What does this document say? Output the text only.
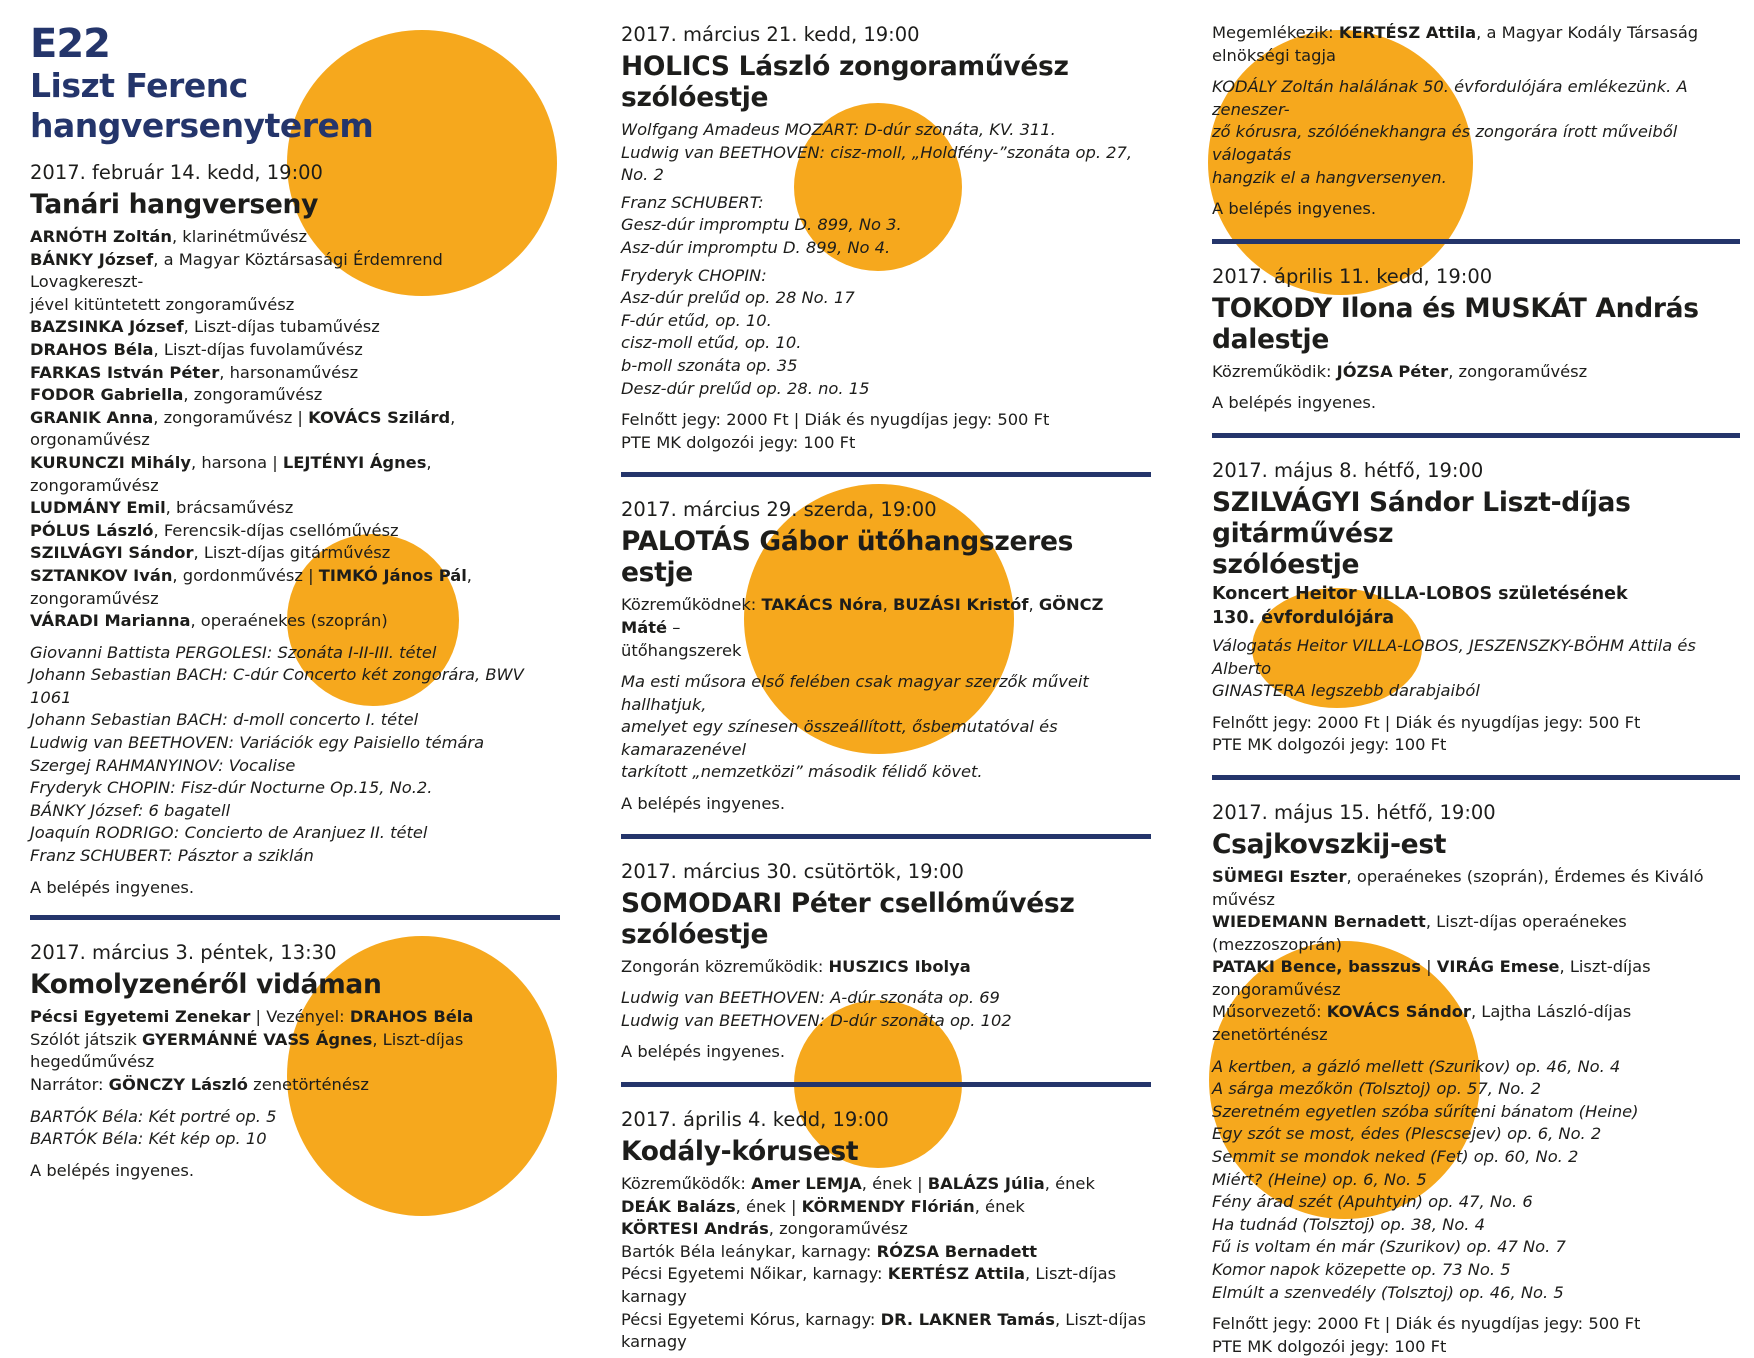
E22
Liszt Ferenc hangversenyterem
2017. február 14. kedd, 19:00
Tanári hangverseny
ARNÓTH Zoltán, klarinétművész
BÁNKY József, a Magyar Köztársasági Érdemrend Lovagkereszt-
jével kitüntetett zongoraművész
BAZSINKA József, Liszt-díjas tubaművész
DRAHOS Béla, Liszt-díjas fuvolaművész
FARKAS István Péter, harsonaművész
FODOR Gabriella, zongoraművész
GRANIK Anna, zongoraművész | KOVÁCS Szilárd, orgonaművész
KURUNCZI Mihály, harsona | LEJTÉNYI Ágnes, zongoraművész
LUDMÁNY Emil, brácsaművész
PÓLUS László, Ferencsik-díjas csellóművész
SZILVÁGYI Sándor, Liszt-díjas gitárművész
SZTANKOV Iván, gordonművész | TIMKÓ János Pál, zongoraművész
VÁRADI Marianna, operaénekes (szoprán)
Giovanni Battista PERGOLESI: Szonáta I-II-III. tétel
Johann Sebastian BACH: C-dúr Concerto két zongorára, BWV 1061
Johann Sebastian BACH: d-moll concerto I. tétel
Ludwig van BEETHOVEN: Variációk egy Paisiello témára
Szergej RAHMANYINOV: Vocalise
Fryderyk CHOPIN: Fisz-dúr Nocturne Op.15, No.2.
BÁNKY József: 6 bagatell
Joaquín RODRIGO: Concierto de Aranjuez II. tétel
Franz SCHUBERT: Pásztor a sziklán
A belépés ingyenes.
2017. március 3. péntek, 13:30
Komolyzenéről vidáman
Pécsi Egyetemi Zenekar | Vezényel: DRAHOS Béla
Szólót játszik GYERMÁNNÉ VASS Ágnes, Liszt-díjas hegedűművész
Narrátor: GÖNCZY László zenetörténész
BARTÓK Béla: Két portré op. 5
BARTÓK Béla: Két kép op. 10
A belépés ingyenes.
2017. március 21. kedd, 19:00
HOLICS László zongoraművész szólóestje
Wolfgang Amadeus MOZART: D-dúr szonáta, KV. 311.
Ludwig van BEETHOVEN: cisz-moll, „Holdfény-”szonáta op. 27, No. 2
Franz SCHUBERT:
Gesz-dúr impromptu D. 899, No 3.
Asz-dúr impromptu D. 899, No 4.
Fryderyk CHOPIN:
Asz-dúr prelűd op. 28 No. 17
F-dúr etűd, op. 10.
cisz-moll etűd, op. 10.
b-moll szonáta op. 35
Desz-dúr prelűd op. 28. no. 15
Felnőtt jegy: 2000 Ft | Diák és nyugdíjas jegy: 500 Ft
PTE MK dolgozói jegy: 100 Ft
2017. március 29. szerda, 19:00
PALOTÁS Gábor ütőhangszeres estje
Közreműködnek: TAKÁCS Nóra, BUZÁSI Kristóf, GÖNCZ Máté –
ütőhangszerek
Ma esti műsora első felében csak magyar szerzők műveit hallhatjuk,
amelyet egy színesen összeállított, ősbemutatóval és kamarazenével
tarkított „nemzetközi” második félidő követ.
A belépés ingyenes.
2017. március 30. csütörtök, 19:00
SOMODARI Péter csellóművész szólóestje
Zongorán közreműködik: HUSZICS Ibolya
Ludwig van BEETHOVEN: A-dúr szonáta op. 69
Ludwig van BEETHOVEN: D-dúr szonáta op. 102
A belépés ingyenes.
2017. április 4. kedd, 19:00
Kodály-kórusest
Közreműködők: Amer LEMJA, ének | BALÁZS Júlia, ének
DEÁK Balázs, ének | KÖRMENDY Flórián, ének
KÖRTESI András, zongoraművész
Bartók Béla leánykar, karnagy: RÓZSA Bernadett
Pécsi Egyetemi Nőikar, karnagy: KERTÉSZ Attila, Liszt-díjas karnagy
Pécsi Egyetemi Kórus, karnagy: DR. LAKNER Tamás, Liszt-díjas
karnagy
Megemlékezik: KERTÉSZ Attila, a Magyar Kodály Társaság
elnökségi tagja
KODÁLY Zoltán halálának 50. évfordulójára emlékezünk. A zeneszer-
ző kórusra, szólóénekhangra és zongorára írott műveiből válogatás
hangzik el a hangversenyen.
A belépés ingyenes.
2017. április 11. kedd, 19:00
TOKODY Ilona és MUSKÁT András dalestje
Közreműködik: JÓZSA Péter, zongoraművész
A belépés ingyenes.
2017. május 8. hétfő, 19:00
SZILVÁGYI Sándor Liszt-díjas gitárművész
szólóestje
Koncert Heitor VILLA-LOBOS születésének
130. évfordulójára
Válogatás Heitor VILLA-LOBOS, JESZENSZKY-BÖHM Attila és Alberto
GINASTERA legszebb darabjaiból
Felnőtt jegy: 2000 Ft | Diák és nyugdíjas jegy: 500 Ft
PTE MK dolgozói jegy: 100 Ft
2017. május 15. hétfő, 19:00
Csajkovszkij-est
SÜMEGI Eszter, operaénekes (szoprán), Érdemes és Kiváló művész
WIEDEMANN Bernadett, Liszt-díjas operaénekes (mezzoszoprán)
PATAKI Bence, basszus | VIRÁG Emese, Liszt-díjas zongoraművész
Műsorvezető: KOVÁCS Sándor, Lajtha László-díjas zenetörténész
A kertben, a gázló mellett (Szurikov) op. 46, No. 4
A sárga mezőkön (Tolsztoj) op. 57, No. 2
Szeretném egyetlen szóba sűríteni bánatom (Heine)
Egy szót se most, édes (Plescsejev) op. 6, No. 2
Semmit se mondok neked (Fet) op. 60, No. 2
Miért? (Heine) op. 6, No. 5
Fény árad szét (Apuhtyin) op. 47, No. 6
Ha tudnád (Tolsztoj) op. 38, No. 4
Fű is voltam én már (Szurikov) op. 47 No. 7
Komor napok közepette op. 73 No. 5
Elmúlt a szenvedély (Tolsztoj) op. 46, No. 5
Felnőtt jegy: 2000 Ft | Diák és nyugdíjas jegy: 500 Ft
PTE MK dolgozói jegy: 100 Ft
